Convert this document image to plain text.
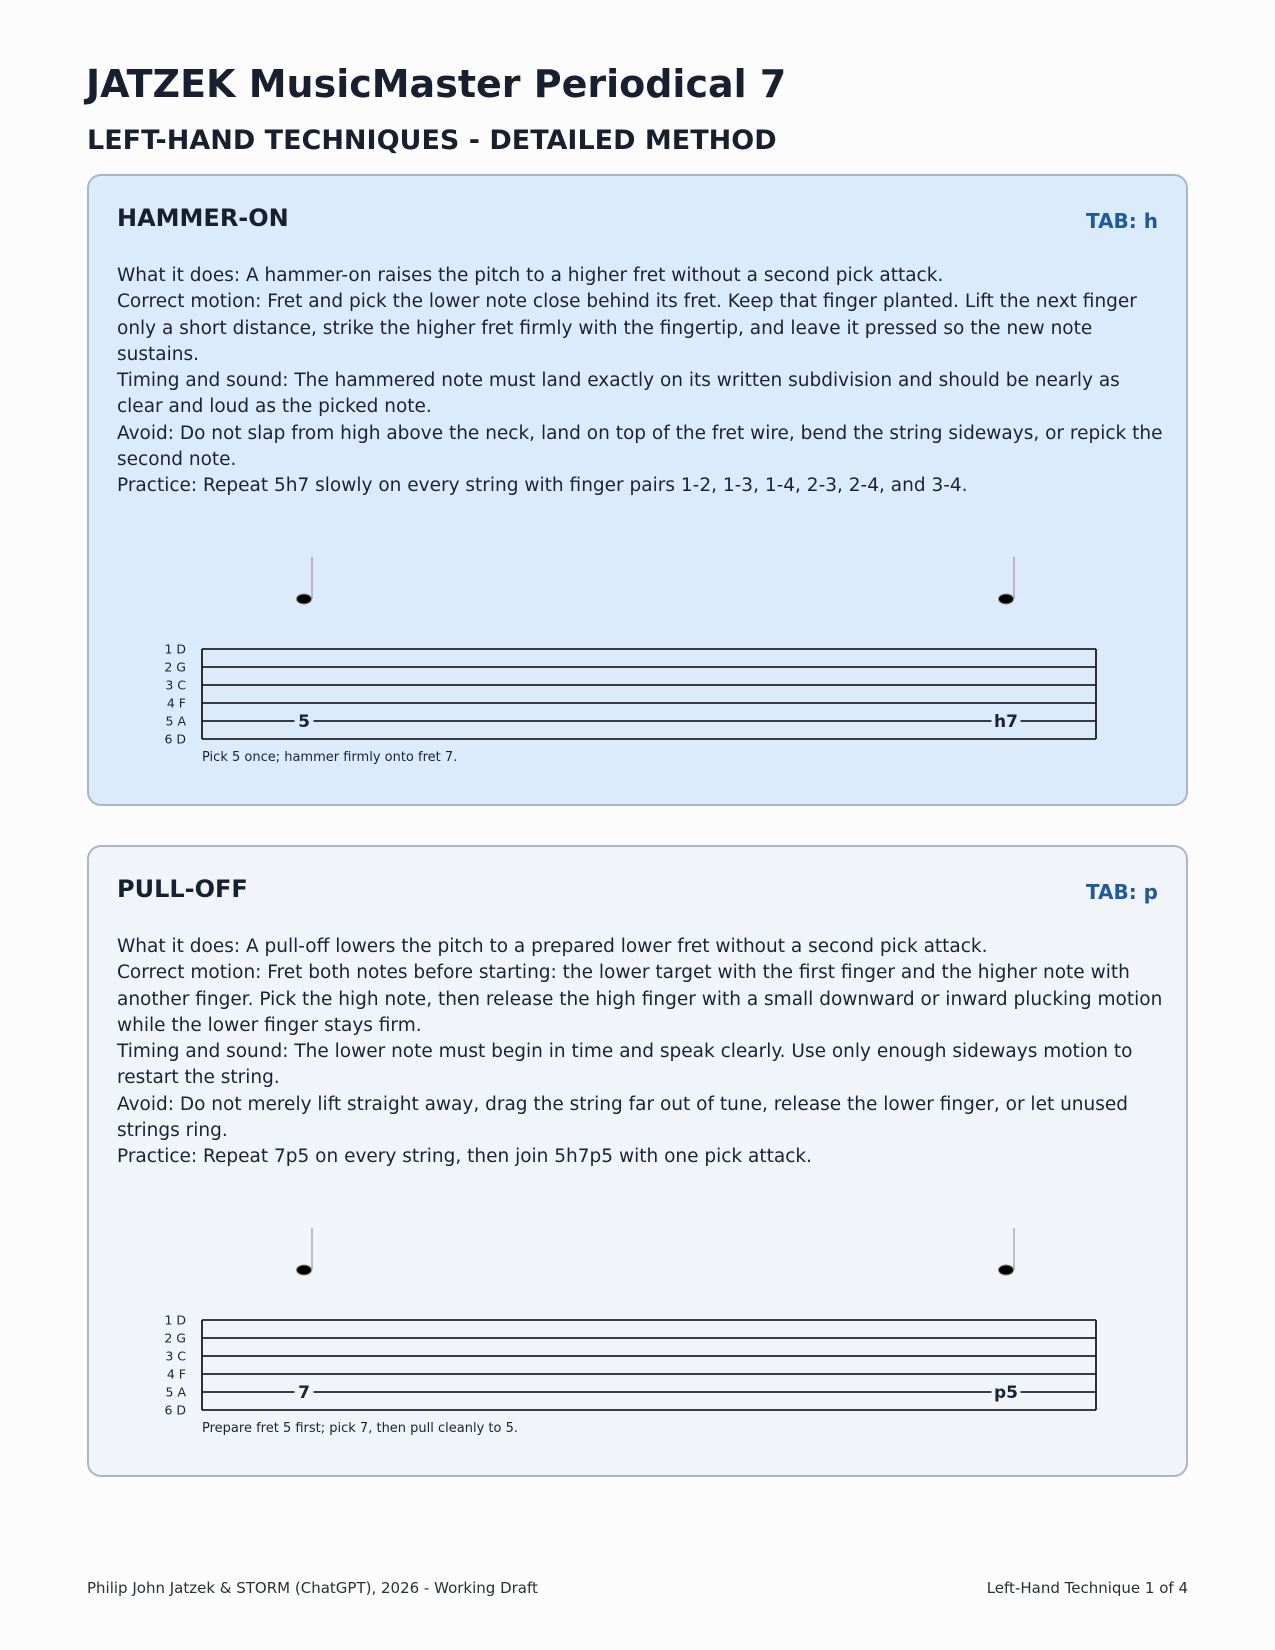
JATZEK MusicMaster Periodical 7
LEFT-HAND TECHNIQUES - DETAILED METHOD
HAMMER-ON	TAB: h

What it does: A hammer-on raises the pitch to a higher fret without a second pick attack.

Correct motion: Fret and pick the lower note close behind its fret. Keep that finger planted. Lift the next finger only a short distance, strike the higher fret firmly with the fingertip, and leave it pressed so the new note sustains.

Timing and sound: The hammered note must land exactly on its written subdivision and should be nearly as clear and loud as the picked note.

Avoid: Do not slap from high above the neck, land on top of the fret wire, bend the string sideways, or repick the second note.

Practice: Repeat 5h7 slowly on every string with finger pairs 1-2, 1-3, 1-4, 2-3, 2-4, and 3-4.

1 D
2 G
3 C
4 F
5 A
6 D
5	h7
Pick 5 once; hammer firmly onto fret 7.
PULL-OFF	TAB: p

What it does: A pull-off lowers the pitch to a prepared lower fret without a second pick attack.

Correct motion: Fret both notes before starting: the lower target with the first finger and the higher note with another finger. Pick the high note, then release the high finger with a small downward or inward plucking motion while the lower finger stays firm.

Timing and sound: The lower note must begin in time and speak clearly. Use only enough sideways motion to restart the string.

Avoid: Do not merely lift straight away, drag the string far out of tune, release the lower finger, or let unused strings ring.

Practice: Repeat 7p5 on every string, then join 5h7p5 with one pick attack.

1 D
2 G
3 C
4 F
5 A
6 D
7	p5
Prepare fret 5 first; pick 7, then pull cleanly to 5.
Philip John Jatzek & STORM (ChatGPT), 2026 - Working Draft	Left-Hand Technique 1 of 4
